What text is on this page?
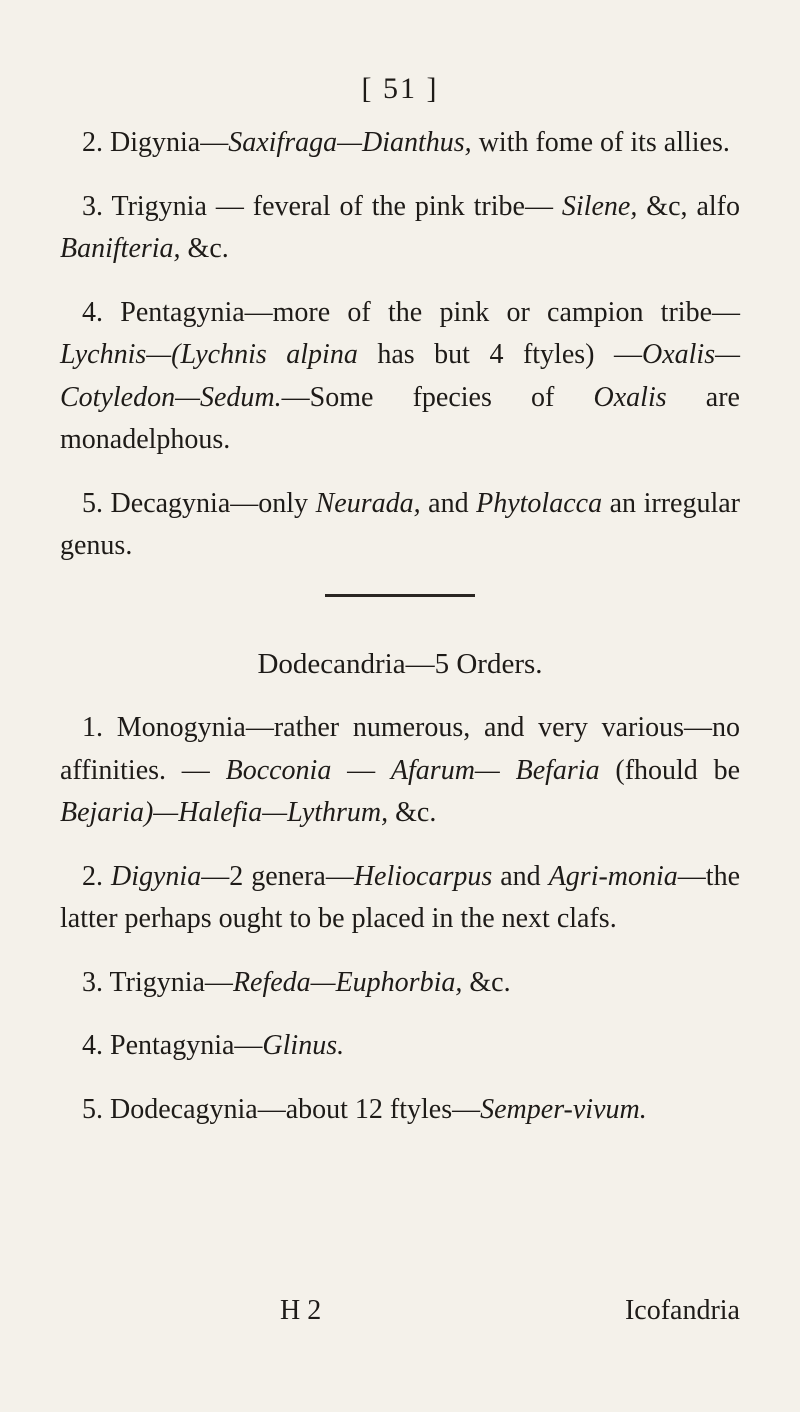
[ 51 ]

2. Digynia—Saxifraga—Dianthus, with fome of its allies.

3. Trigynia — feveral of the pink tribe— Silene, &c, alfo Banifteria, &c.

4. Pentagynia—more of the pink or campion tribe—Lychnis—(Lychnis alpina has but 4 ftyles) —Oxalis—Cotyledon—Sedum.—Some fpecies of Oxalis are monadelphous.

5. Decagynia—only Neurada, and Phytolacca an irregular genus.

Dodecandria—5 Orders.

1. Monogynia—rather numerous, and very various—no affinities. — Bocconia — Afarum— Befaria (fhould be Bejaria)—Halefia—Lythrum, &c.

2. Digynia—2 genera—Heliocarpus and Agri-monia—the latter perhaps ought to be placed in the next clafs.

3. Trigynia—Refeda—Euphorbia, &c.

4. Pentagynia—Glinus.

5. Dodecagynia—about 12 ftyles—Semper-vivum.

H 2	Icofandria
